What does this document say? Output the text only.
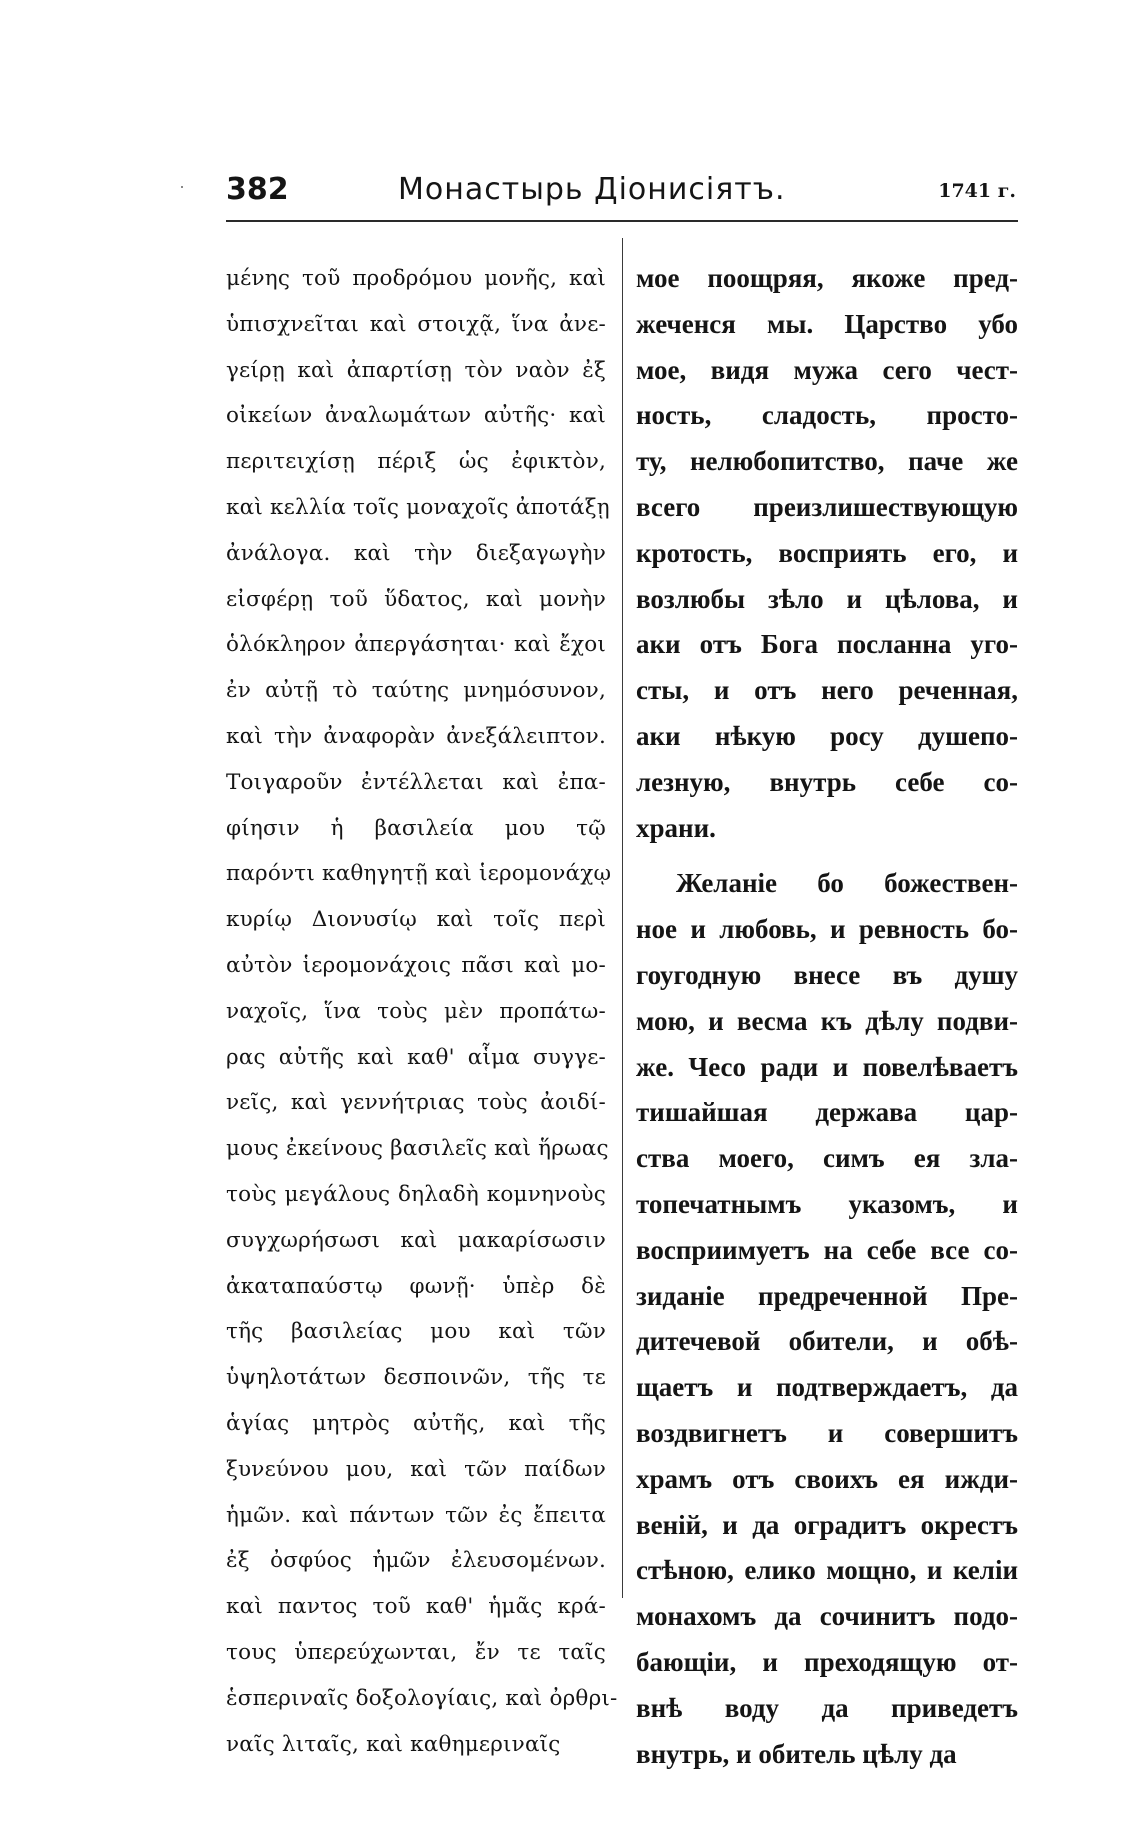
382	Монастырь Діонисіятъ.	1741 г.
μένης τοῦ προδρόμου μονῆς, καὶ
ὑπισχνεῖται καὶ στοιχᾷ, ἵνα ἀνε-
γείρῃ καὶ ἀπαρτίσῃ τὸν ναὸν ἐξ
οἰκείων ἀναλωμάτων αὐτῆς· καὶ
περιτειχίσῃ πέριξ ὡς ἐφικτὸν,
καὶ κελλία τοῖς μοναχοῖς ἀποτάξῃ
ἀνάλογα. καὶ τὴν διεξαγωγὴν
εἰσφέρῃ τοῦ ὕδατος, καὶ μονὴν
ὁλόκληρον ἀπεργάσηται· καὶ ἔχοι
ἐν αὐτῇ τὸ ταύτης μνημόσυνον,
καὶ τὴν ἀναφορὰν ἀνεξάλειπτον.
Τοιγαροῦν ἐντέλλεται καὶ ἐπα-
φίησιν ἡ βασιλεία μου τῷ
παρόντι καθηγητῇ καὶ ἱερομονάχῳ
κυρίῳ Διονυσίῳ καὶ τοῖς περὶ
αὐτὸν ἱερομονάχοις πᾶσι καὶ μο-
ναχοῖς, ἵνα τοὺς μὲν προπάτω-
ρας αὐτῆς καὶ καθ' αἷμα συγγε-
νεῖς, καὶ γεννήτριας τοὺς ἀοιδί-
μους ἐκείνους βασιλεῖς καὶ ἥρωας
τοὺς μεγάλους δηλαδὴ κομνηνοὺς
συγχωρήσωσι καὶ μακαρίσωσιν
ἀκαταπαύστῳ φωνῇ· ὑπὲρ δὲ
τῆς βασιλείας μου καὶ τῶν
ὑψηλοτάτων δεσποινῶν, τῆς τε
ἁγίας μητρὸς αὐτῆς, καὶ τῆς
ξυνεύνου μου, καὶ τῶν παίδων
ἡμῶν. καὶ πάντων τῶν ἐς ἔπειτα
ἐξ ὀσφύος ἡμῶν ἐλευσομένων.
καὶ παντος τοῦ καθ' ἡμᾶς κρά-
τους ὑπερεύχωνται, ἔν τε ταῖς
ἑσπεριναῖς δοξολογίαις, καὶ ὀρθρι-
ναῖς λιταῖς, καὶ καθημεριναῖς
мое поощряя, якоже пред-
жеченся мы. Царство убо
мое, видя мужа сего чест-
ность, сладость, просто-
ту, нелюбопитство, паче же
всего преизлишествующую
кротость, восприять его, и
возлюбы зѣло и цѣлова, и
аки отъ Бога посланна уго-
сты, и отъ него реченная,
аки нѣкую росу душепо-
лезную, внутрь себе со-
храни.
Желаніе бо божествен-
ное и любовь, и ревность бо-
гоугодную внесе въ душу
мою, и весма къ дѣлу подви-
же. Чесо ради и повелѣваетъ
тишайшая держава цар-
ства моего, симъ ея зла-
топечатнымъ указомъ, и
восприимуетъ на себе все со-
зиданіе предреченной Пре-
дитечевой обители, и обѣ-
щаетъ и подтверждаетъ, да
воздвигнетъ и совершитъ
храмъ отъ своихъ ея ижди-
веній, и да оградитъ окрестъ
стѣною, елико мощно, и келіи
монахомъ да сочинитъ подо-
бающіи, и преходящую от-
внѣ воду да приведетъ
внутрь, и обитель цѣлу да
